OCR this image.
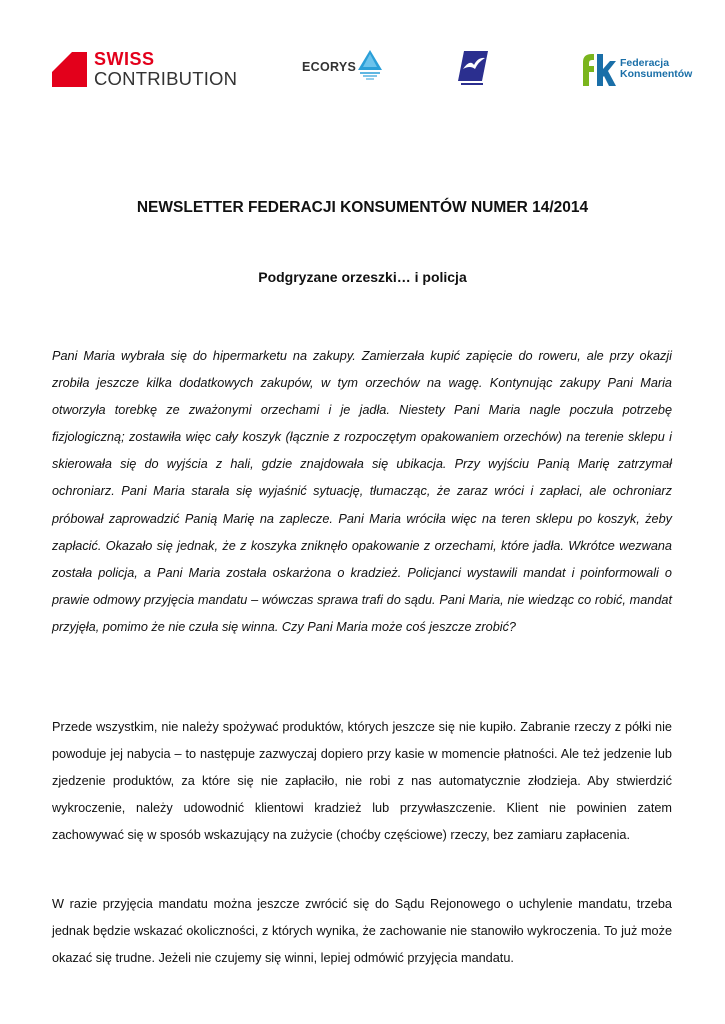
SWISS
CONTRIBUTION
ECORYS	Federacja
Konsumentów
NEWSLETTER FEDERACJI KONSUMENTÓW NUMER 14/2014
Podgryzane orzeszki… i policja

Pani Maria wybrała się do hipermarketu na zakupy. Zamierzała kupić zapięcie do roweru, ale przy okazji zrobiła jeszcze kilka dodatkowych zakupów, w tym orzechów na wagę. Kontynując zakupy Pani Maria otworzyła torebkę ze zważonymi orzechami i je jadła. Niestety Pani Maria nagle poczuła potrzebę fizjologiczną; zostawiła więc cały koszyk (łącznie z rozpoczętym opakowaniem orzechów) na terenie sklepu i skierowała się do wyjścia z hali, gdzie znajdowała się ubikacja. Przy wyjściu Panią Marię zatrzymał ochroniarz. Pani Maria starała się wyjaśnić sytuację, tłumacząc, że zaraz wróci i zapłaci, ale ochroniarz próbował zaprowadzić Panią Marię na zaplecze. Pani Maria wróciła więc na teren sklepu po koszyk, żeby zapłacić. Okazało się jednak, że z koszyka zniknęło opakowanie z orzechami, które jadła. Wkrótce wezwana została policja, a Pani Maria została oskarżona o kradzież. Policjanci wystawili mandat i poinformowali o prawie odmowy przyjęcia mandatu – wówczas sprawa trafi do sądu. Pani Maria, nie wiedząc co robić, mandat przyjęła, pomimo że nie czuła się winna. Czy Pani Maria może coś jeszcze zrobić?

Przede wszystkim, nie należy spożywać produktów, których jeszcze się nie kupiło. Zabranie rzeczy z półki nie powoduje jej nabycia – to następuje zazwyczaj dopiero przy kasie w momencie płatności. Ale też jedzenie lub zjedzenie produktów, za które się nie zapłaciło, nie robi z nas automatycznie złodzieja. Aby stwierdzić wykroczenie, należy udowodnić klientowi kradzież lub przywłaszczenie. Klient nie powinien zatem zachowywać się w sposób wskazujący na zużycie (choćby częściowe) rzeczy, bez zamiaru zapłacenia.

W razie przyjęcia mandatu można jeszcze zwrócić się do Sądu Rejonowego o uchylenie mandatu, trzeba jednak będzie wskazać okoliczności, z których wynika, że zachowanie nie stanowiło wykroczenia. To już może okazać się trudne. Jeżeli nie czujemy się winni, lepiej odmówić przyjęcia mandatu.
